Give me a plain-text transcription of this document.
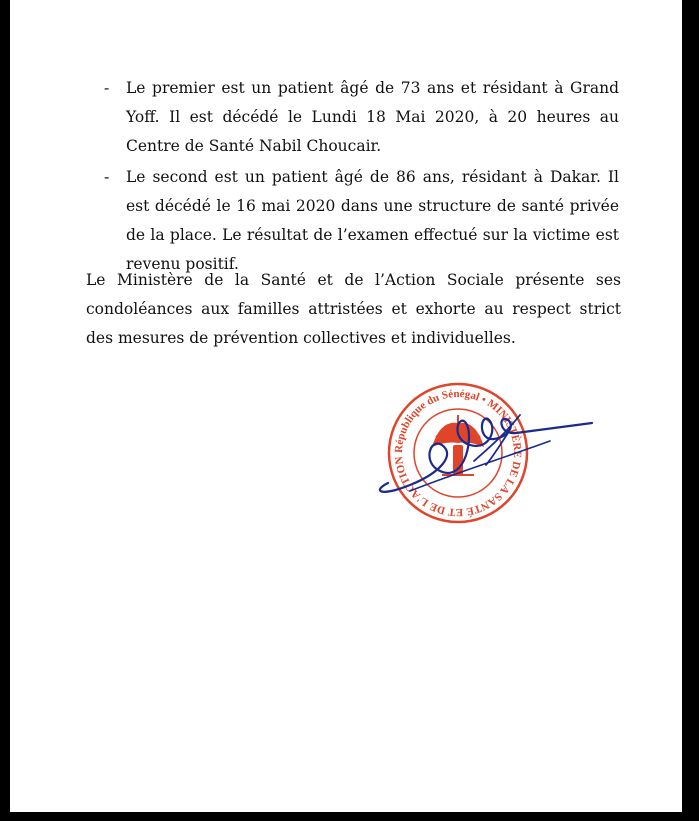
- Le premier est un patient âgé de 73 ans et résidant à Grand Yoff. Il est décédé le Lundi 18 Mai 2020, à 20 heures au Centre de Santé Nabil Choucair.
- Le second est un patient âgé de 86 ans, résidant à Dakar. Il est décédé le 16 mai 2020 dans une structure de santé privée de la place. Le résultat de l’examen effectué sur la victime est revenu positif.

Le Ministère de la Santé et de l’Action Sociale présente ses condoléances aux familles attristées et exhorte au respect strict des mesures de prévention collectives et individuelles.

République du Sénégal • MINISTÈRE DE LA SANTÉ ET DE L'ACTION
